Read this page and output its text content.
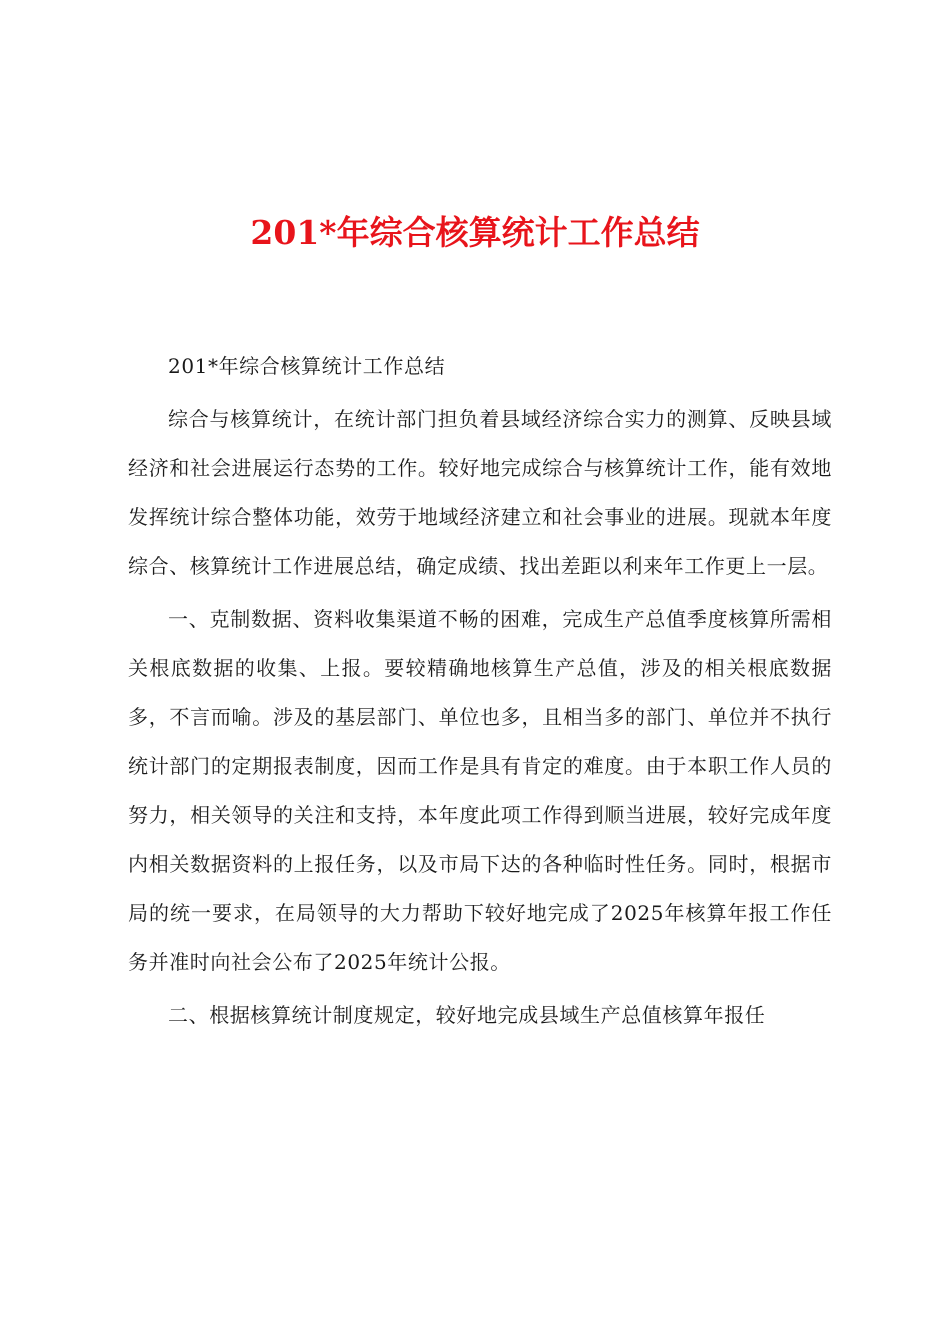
201*年综合核算统计工作总结

201*年综合核算统计工作总结

综合与核算统计，在统计部门担负着县域经济综合实力的测算、反映县域经济和社会进展运行态势的工作。较好地完成综合与核算统计工作，能有效地发挥统计综合整体功能，效劳于地域经济建立和社会事业的进展。现就本年度综合、核算统计工作进展总结，确定成绩、找出差距以利来年工作更上一层。

一、克制数据、资料收集渠道不畅的困难，完成生产总值季度核算所需相关根底数据的收集、上报。要较精确地核算生产总值，涉及的相关根底数据多，不言而喻。涉及的基层部门、单位也多，且相当多的部门、单位并不执行统计部门的定期报表制度，因而工作是具有肯定的难度。由于本职工作人员的努力，相关领导的关注和支持，本年度此项工作得到顺当进展，较好完成年度内相关数据资料的上报任务，以及市局下达的各种临时性任务。同时，根据市局的统一要求，在局领导的大力帮助下较好地完成了2025年核算年报工作任务并准时向社会公布了2025年统计公报。

二、根据核算统计制度规定，较好地完成县域生产总值核算年报任
